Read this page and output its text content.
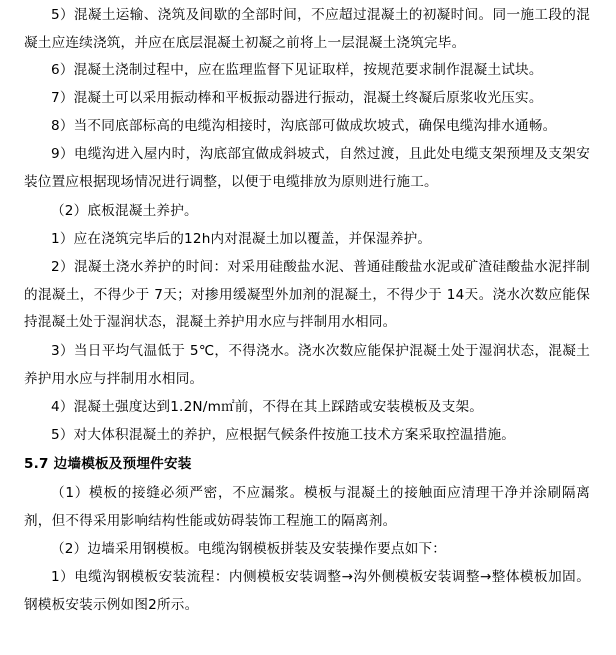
5）混凝土运输、浇筑及间歇的全部时间，不应超过混凝土的初凝时间。同一施工段的混凝土应连续浇筑，并应在底层混凝土初凝之前将上一层混凝土浇筑完毕。

6）混凝土浇制过程中，应在监理监督下见证取样，按规范要求制作混凝土试块。

7）混凝土可以采用振动棒和平板振动器进行振动，混凝土终凝后原浆收光压实。

8）当不同底部标高的电缆沟相接时，沟底部可做成坎坡式，确保电缆沟排水通畅。

9）电缆沟进入屋内时，沟底部宜做成斜坡式，自然过渡，且此处电缆支架预埋及支架安装位置应根据现场情况进行调整，以便于电缆排放为原则进行施工。

（2）底板混凝土养护。

1）应在浇筑完毕后的12h内对混凝土加以覆盖，并保湿养护。

2）混凝土浇水养护的时间：对采用硅酸盐水泥、普通硅酸盐水泥或矿渣硅酸盐水泥拌制的混凝土，不得少于 7天；对掺用缓凝型外加剂的混凝土，不得少于 14天。浇水次数应能保持混凝土处于湿润状态，混凝土养护用水应与拌制用水相同。

3）当日平均气温低于 5℃，不得浇水。浇水次数应能保护混凝土处于湿润状态，混凝土养护用水应与拌制用水相同。

4）混凝土强度达到1.2N/m㎡前，不得在其上踩踏或安装模板及支架。

5）对大体积混凝土的养护，应根据气候条件按施工技术方案采取控温措施。

5.7 边墙模板及预埋件安装

（1）模板的接缝必须严密，不应漏浆。模板与混凝土的接触面应清理干净并涂刷隔离剂，但不得采用影响结构性能或妨碍装饰工程施工的隔离剂。

（2）边墙采用钢模板。电缆沟钢模板拼装及安装操作要点如下：

1）电缆沟钢模板安装流程：内侧模板安装调整→沟外侧模板安装调整→整体模板加固。钢模板安装示例如图2所示。
